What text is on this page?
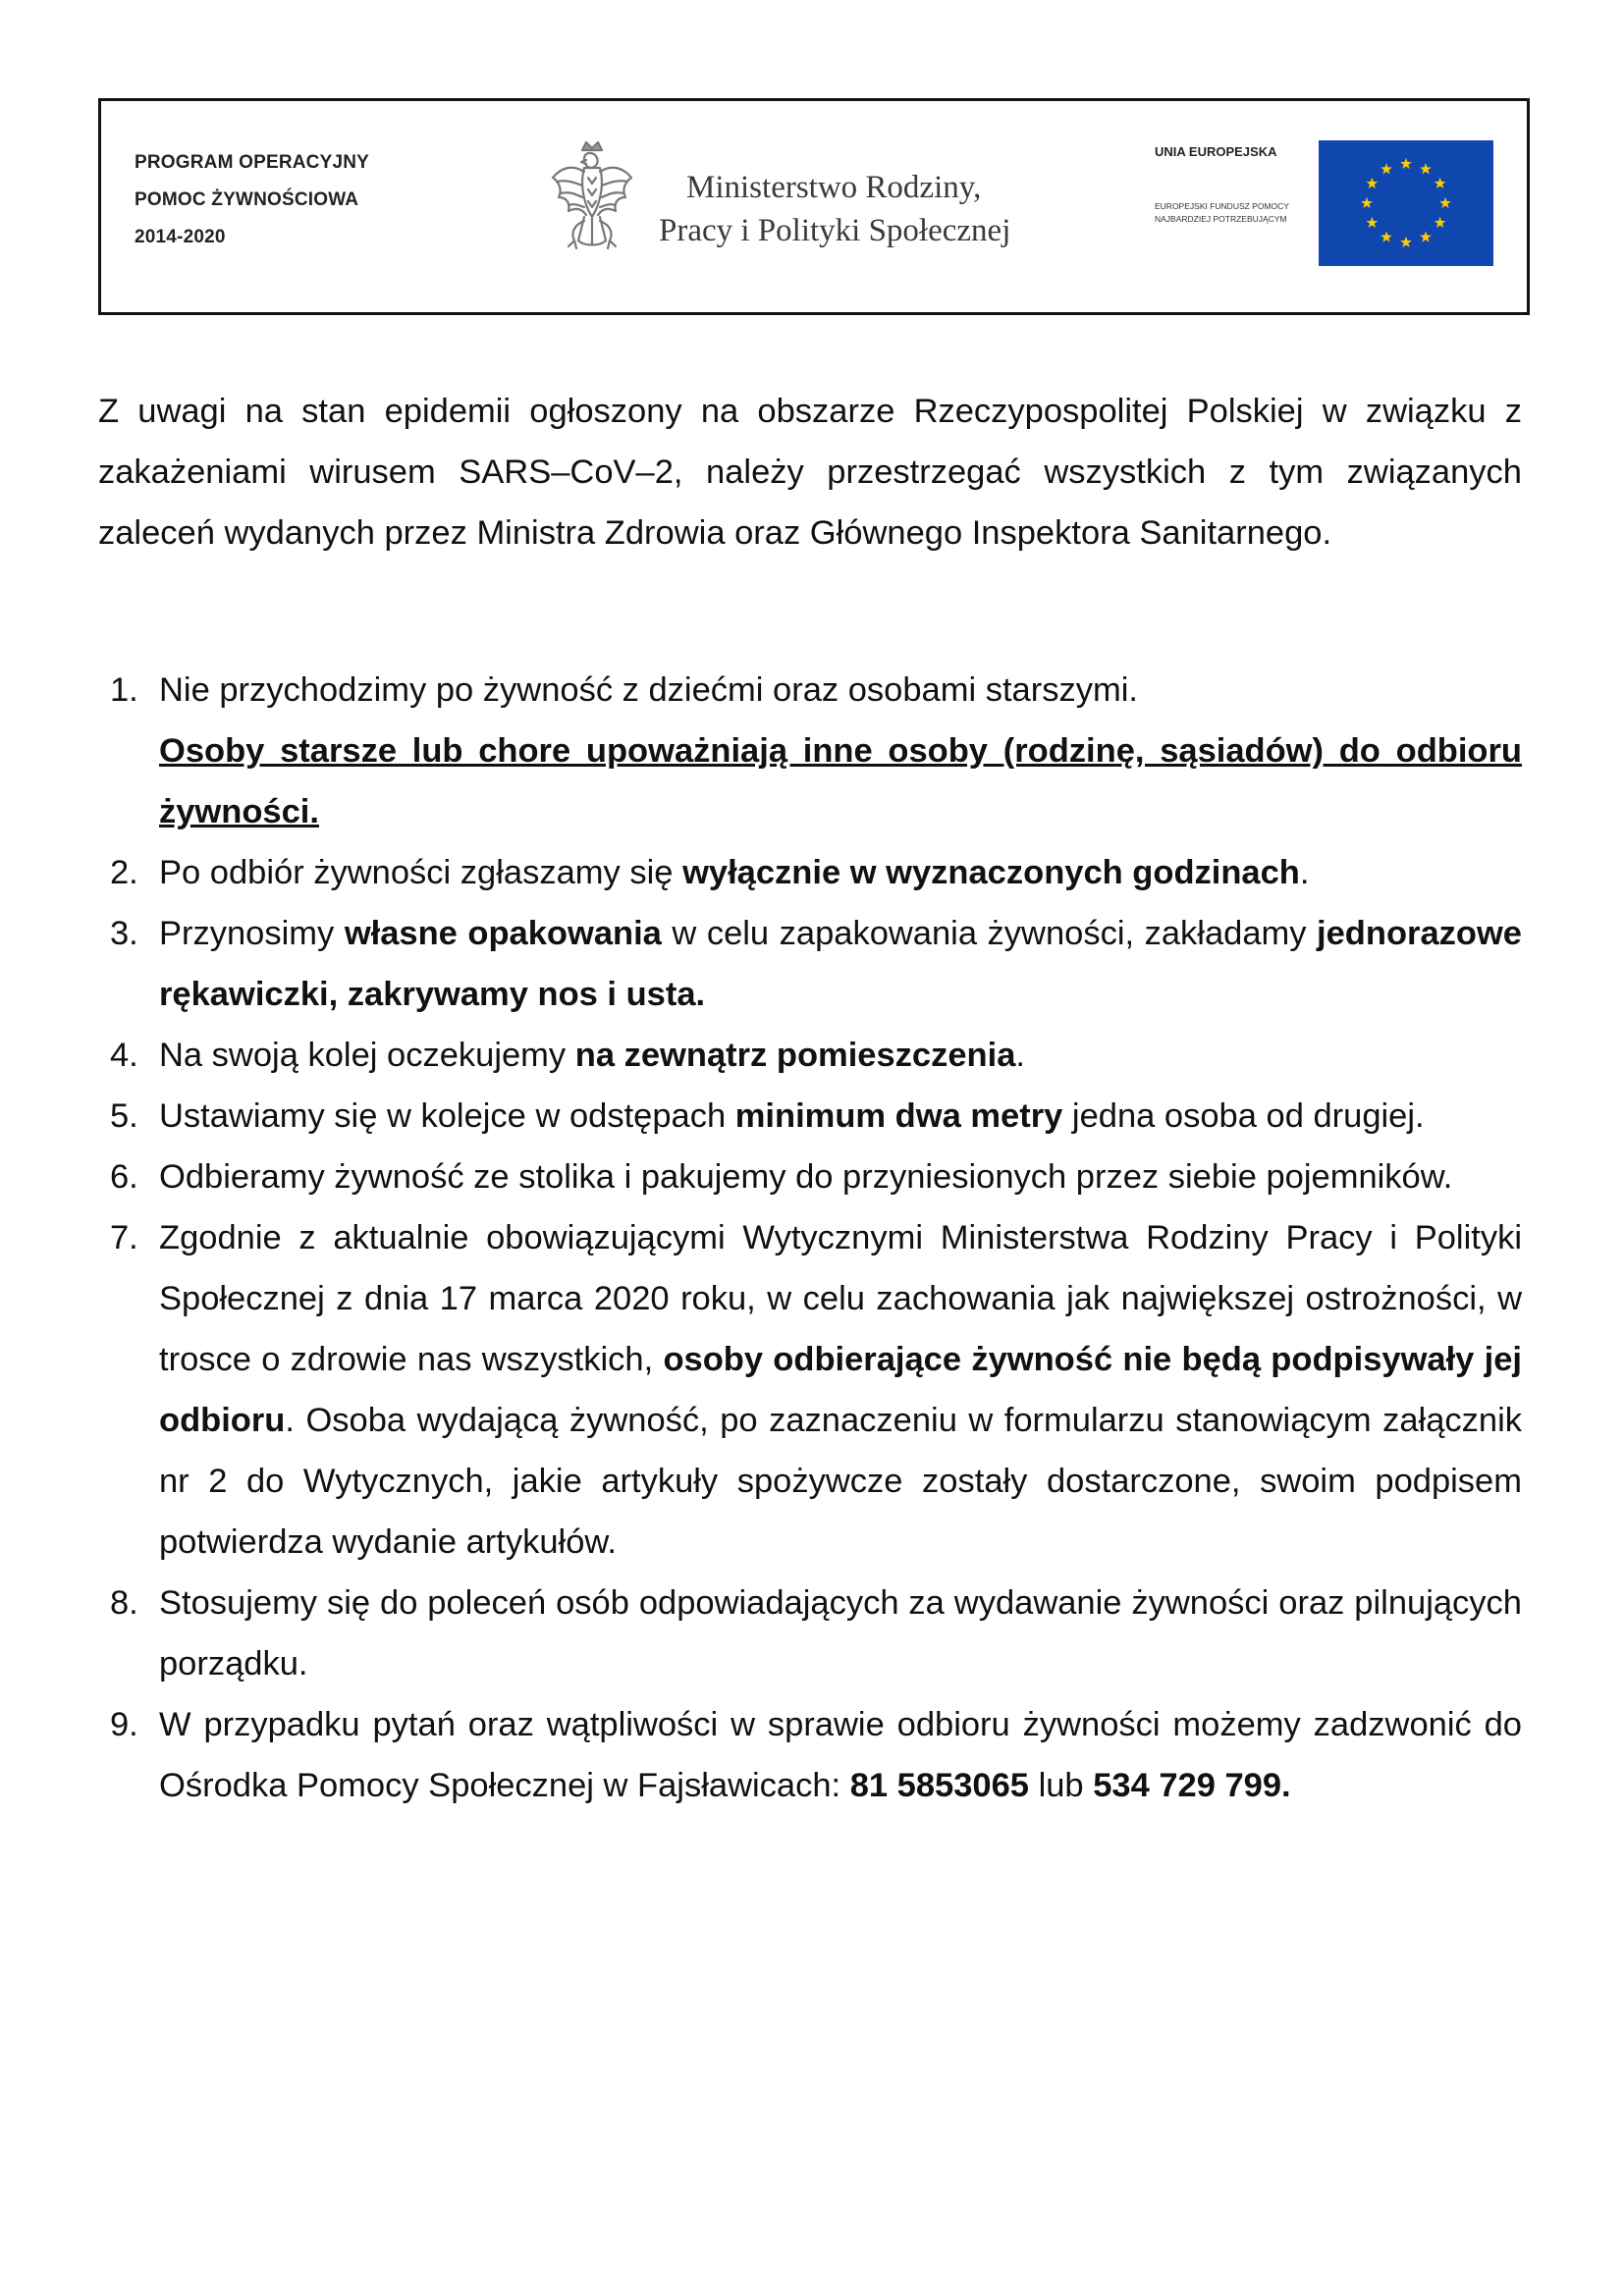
PROGRAM OPERACYJNY
POMOC ŻYWNOŚCIOWA
2014-2020
Ministerstwo Rodziny,
Pracy i Polityki Społecznej
UNIA EUROPEJSKA
EUROPEJSKI FUNDUSZ POMOCY
NAJBARDZIEJ POTRZEBUJĄCYM
Z uwagi na stan epidemii ogłoszony na obszarze Rzeczypospolitej Polskiej w związku z zakażeniami wirusem SARS–CoV–2, należy przestrzegać wszystkich z tym związanych zaleceń wydanych przez Ministra Zdrowia oraz Głównego Inspektora Sanitarnego.
1. Nie przychodzimy po żywność z dziećmi oraz osobami starszymi.
Osoby starsze lub chore upoważniają inne osoby (rodzinę, sąsiadów) do odbioru żywności.
2. Po odbiór żywności zgłaszamy się wyłącznie w wyznaczonych godzinach.
3. Przynosimy własne opakowania w celu zapakowania żywności, zakładamy jednorazowe rękawiczki, zakrywamy nos i usta.
4. Na swoją kolej oczekujemy na zewnątrz pomieszczenia.
5. Ustawiamy się w kolejce w odstępach minimum dwa metry jedna osoba od drugiej.
6. Odbieramy żywność ze stolika i pakujemy do przyniesionych przez siebie pojemników.
7. Zgodnie z aktualnie obowiązującymi Wytycznymi Ministerstwa Rodziny Pracy i Polityki Społecznej z dnia 17 marca 2020 roku, w celu zachowania jak największej ostrożności, w trosce o zdrowie nas wszystkich, osoby odbierające żywność nie będą podpisywały jej odbioru. Osoba wydającą żywność, po zaznaczeniu w formularzu stanowiącym załącznik nr 2 do Wytycznych, jakie artykuły spożywcze zostały dostarczone, swoim podpisem potwierdza wydanie artykułów.
8. Stosujemy się do poleceń osób odpowiadających za wydawanie żywności oraz pilnujących porządku.
9. W przypadku pytań oraz wątpliwości w sprawie odbioru żywności możemy zadzwonić do Ośrodka Pomocy Społecznej w Fajsławicach: 81 5853065 lub 534 729 799.
